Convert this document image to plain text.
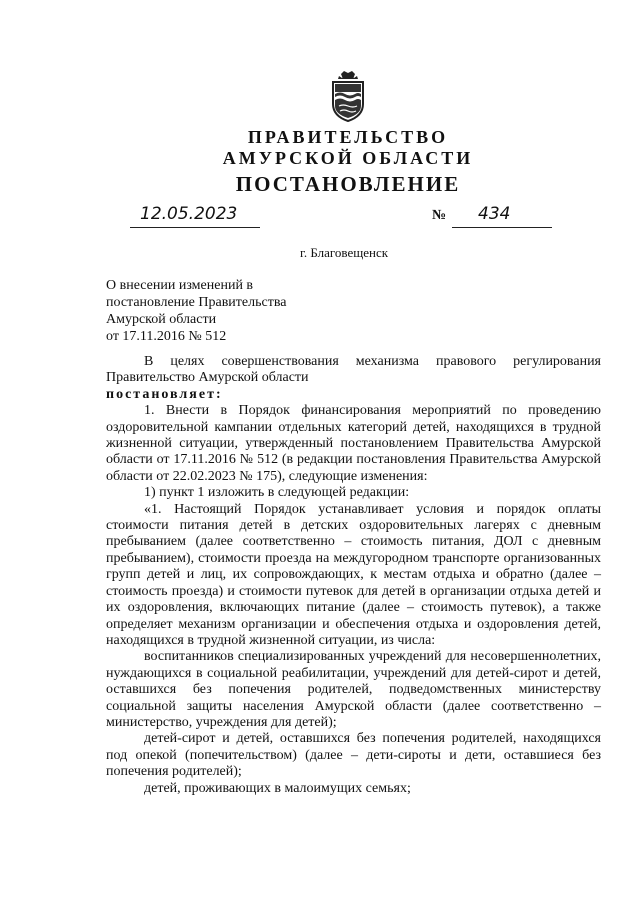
ПРАВИТЕЛЬСТВО
АМУРСКОЙ ОБЛАСТИ
ПОСТАНОВЛЕНИЕ
12.05.2023	№	434
г. Благовещенск
О внесении изменений в
постановление Правительства
Амурской области
от 17.11.2016 № 512

В целях совершенствования механизма правового регулирования Правительство Амурской области

постановляет:

1. Внести в Порядок финансирования мероприятий по проведению оздоровительной кампании отдельных категорий детей, находящихся в трудной жизненной ситуации, утвержденный постановлением Правительства Амурской области от 17.11.2016 № 512 (в редакции постановления Правительства Амурской области от 22.02.2023 № 175), следующие изменения:

1) пункт 1 изложить в следующей редакции:

«1. Настоящий Порядок устанавливает условия и порядок оплаты стоимости питания детей в детских оздоровительных лагерях с дневным пребыванием (далее соответственно – стоимость питания, ДОЛ с дневным пребыванием), стоимости проезда на междугородном транспорте организованных групп детей и лиц, их сопровождающих, к местам отдыха и обратно (далее – стоимость проезда) и стоимости путевок для детей в организации отдыха детей и их оздоровления, включающих питание (далее – стоимость путевок), а также определяет механизм организации и обеспечения отдыха и оздоровления детей, находящихся в трудной жизненной ситуации, из числа:

воспитанников специализированных учреждений для несовершеннолетних, нуждающихся в социальной реабилитации, учреждений для детей-сирот и детей, оставшихся без попечения родителей, подведомственных министерству социальной защиты населения Амурской области (далее соответственно – министерство, учреждения для детей);

детей-сирот и детей, оставшихся без попечения родителей, находящихся под опекой (попечительством) (далее – дети-сироты и дети, оставшиеся без попечения родителей);

детей, проживающих в малоимущих семьях;
